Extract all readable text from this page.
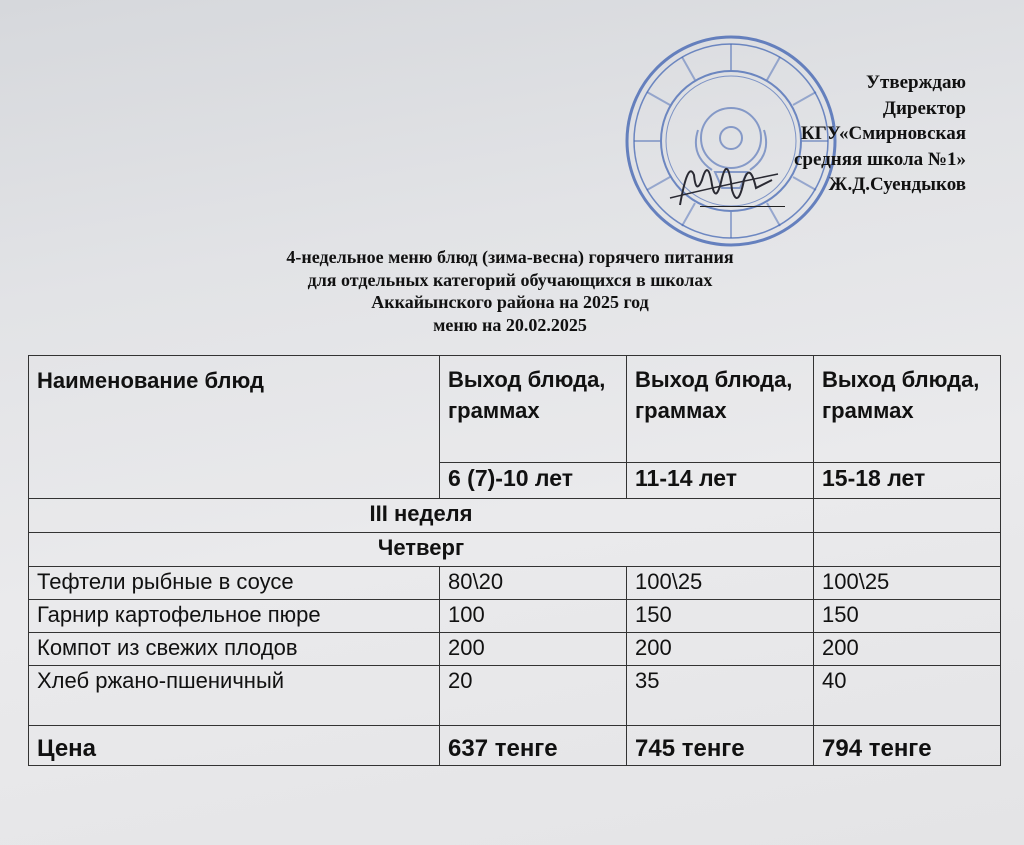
Утверждаю
Директор
КГУ«Смирновская
средняя школа №1»
Ж.Д.Суендыков
4-недельное меню блюд (зима-весна) горячего питания
для отдельных категорий обучающихся в школах
Аккайынского района на 2025 год
меню на 20.02.2025
Наименование блюд	Выход блюда, граммах	Выход блюда, граммах	Выход блюда, граммах
	6 (7)-10 лет	11-14 лет	15-18 лет
III неделя			
Четверг			
Тефтели рыбные в соусе	80\20	100\25	100\25
Гарнир картофельное пюре	100	150	150
Компот из свежих плодов	200	200	200
Хлеб ржано-пшеничный	20	35	40
Цена	637 тенге	745 тенге	794 тенге
